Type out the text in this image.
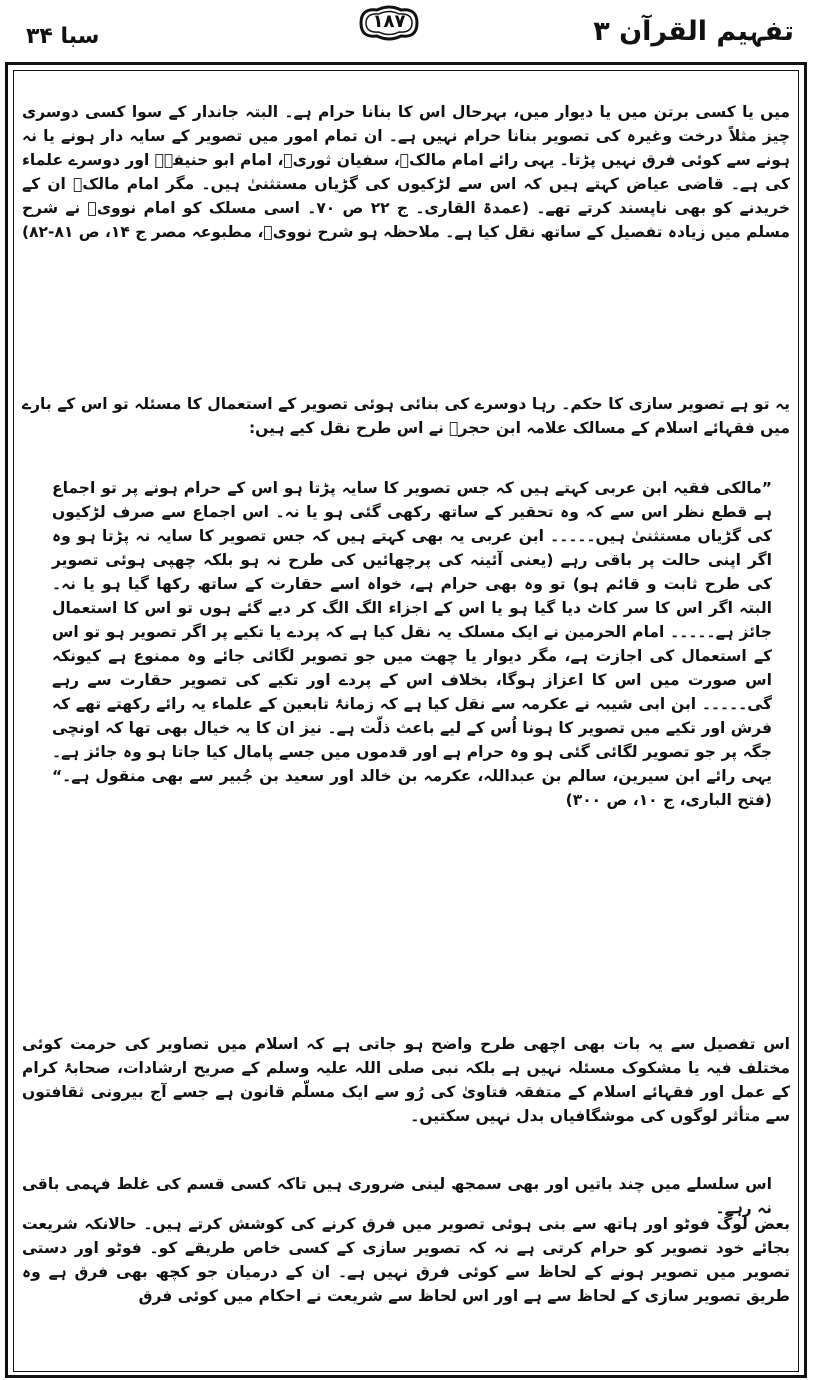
تفہیم القرآن ۳
۱۸۷
سبا ۳۴
میں یا کسی برتن میں یا دیوار میں، بہرحال اس کا بنانا حرام ہے۔ البتہ جاندار کے سوا کسی دوسری چیز مثلاً درخت وغیرہ کی تصویر بنانا حرام نہیں ہے۔ ان تمام امور میں تصویر کے سایہ دار ہونے یا نہ ہونے سے کوئی فرق نہیں پڑتا۔ یہی رائے امام مالکؒ، سفیان ثوریؒ، امام ابو حنیفہؒ اور دوسرے علماء کی ہے۔ قاضی عیاض کہتے ہیں کہ اس سے لڑکیوں کی گڑیاں مستثنیٰ ہیں۔ مگر امام مالکؒ ان کے خریدنے کو بھی ناپسند کرتے تھے۔ (عمدۃ القاری۔ ج ۲۲ ص ۷۰۔ اسی مسلک کو امام نوویؒ نے شرح مسلم میں زیادہ تفصیل کے ساتھ نقل کیا ہے۔ ملاحظہ ہو شرح نوویؒ، مطبوعہ مصر ج ۱۴، ص ۸۱-۸۲)
یہ تو ہے تصویر سازی کا حکم۔ رہا دوسرے کی بنائی ہوئی تصویر کے استعمال کا مسئلہ تو اس کے بارے میں فقہائے اسلام کے مسالک علامہ ابن حجرؒ نے اس طرح نقل کیے ہیں:
”مالکی فقیہ ابن عربی کہتے ہیں کہ جس تصویر کا سایہ پڑتا ہو اس کے حرام ہونے پر تو اجماع ہے قطع نظر اس سے کہ وہ تحقیر کے ساتھ رکھی گئی ہو یا نہ۔ اس اجماع سے صرف لڑکیوں کی گڑیاں مستثنیٰ ہیں۔۔۔۔۔ ابن عربی یہ بھی کہتے ہیں کہ جس تصویر کا سایہ نہ پڑتا ہو وہ اگر اپنی حالت پر باقی رہے (یعنی آئینہ کی پرچھائیں کی طرح نہ ہو بلکہ چھپی ہوئی تصویر کی طرح ثابت و قائم ہو) تو وہ بھی حرام ہے، خواہ اسے حقارت کے ساتھ رکھا گیا ہو یا نہ۔ البتہ اگر اس کا سر کاٹ دیا گیا ہو یا اس کے اجزاء الگ الگ کر دیے گئے ہوں تو اس کا استعمال جائز ہے۔۔۔۔۔ امام الحرمین نے ایک مسلک یہ نقل کیا ہے کہ پردے یا تکیے پر اگر تصویر ہو تو اس کے استعمال کی اجازت ہے، مگر دیوار یا چھت میں جو تصویر لگائی جائے وہ ممنوع ہے کیونکہ اس صورت میں اس کا اعزاز ہوگا، بخلاف اس کے پردے اور تکیے کی تصویر حقارت سے رہے گی۔۔۔۔۔ ابن ابی شیبہ نے عکرمہ سے نقل کیا ہے کہ زمانۂ تابعین کے علماء یہ رائے رکھتے تھے کہ فرش اور تکیے میں تصویر کا ہونا اُس کے لیے باعث ذلّت ہے۔ نیز ان کا یہ خیال بھی تھا کہ اونچی جگہ پر جو تصویر لگائی گئی ہو وہ حرام ہے اور قدموں میں جسے پامال کیا جاتا ہو وہ جائز ہے۔ یہی رائے ابن سیرین، سالم بن عبداللہ، عکرمہ بن خالد اور سعید بن جُبیر سے بھی منقول ہے۔“ (فتح الباری، ج ۱۰، ص ۳۰۰)
اس تفصیل سے یہ بات بھی اچھی طرح واضح ہو جاتی ہے کہ اسلام میں تصاویر کی حرمت کوئی مختلف فیہ یا مشکوک مسئلہ نہیں ہے بلکہ نبی صلی اللہ علیہ وسلم کے صریح ارشادات، صحابۂ کرام کے عمل اور فقہائے اسلام کے متفقہ فتاویٰ کی رُو سے ایک مسلّم قانون ہے جسے آج بیرونی ثقافتوں سے متأثر لوگوں کی موشگافیاں بدل نہیں سکتیں۔
اس سلسلے میں چند باتیں اور بھی سمجھ لینی ضروری ہیں تاکہ کسی قسم کی غلط فہمی باقی نہ رہے۔
بعض لوگ فوٹو اور ہاتھ سے بنی ہوئی تصویر میں فرق کرنے کی کوشش کرتے ہیں۔ حالانکہ شریعت بجائے خود تصویر کو حرام کرتی ہے نہ کہ تصویر سازی کے کسی خاص طریقے کو۔ فوٹو اور دستی تصویر میں تصویر ہونے کے لحاظ سے کوئی فرق نہیں ہے۔ ان کے درمیان جو کچھ بھی فرق ہے وہ طریق تصویر سازی کے لحاظ سے ہے اور اس لحاظ سے شریعت نے احکام میں کوئی فرق
